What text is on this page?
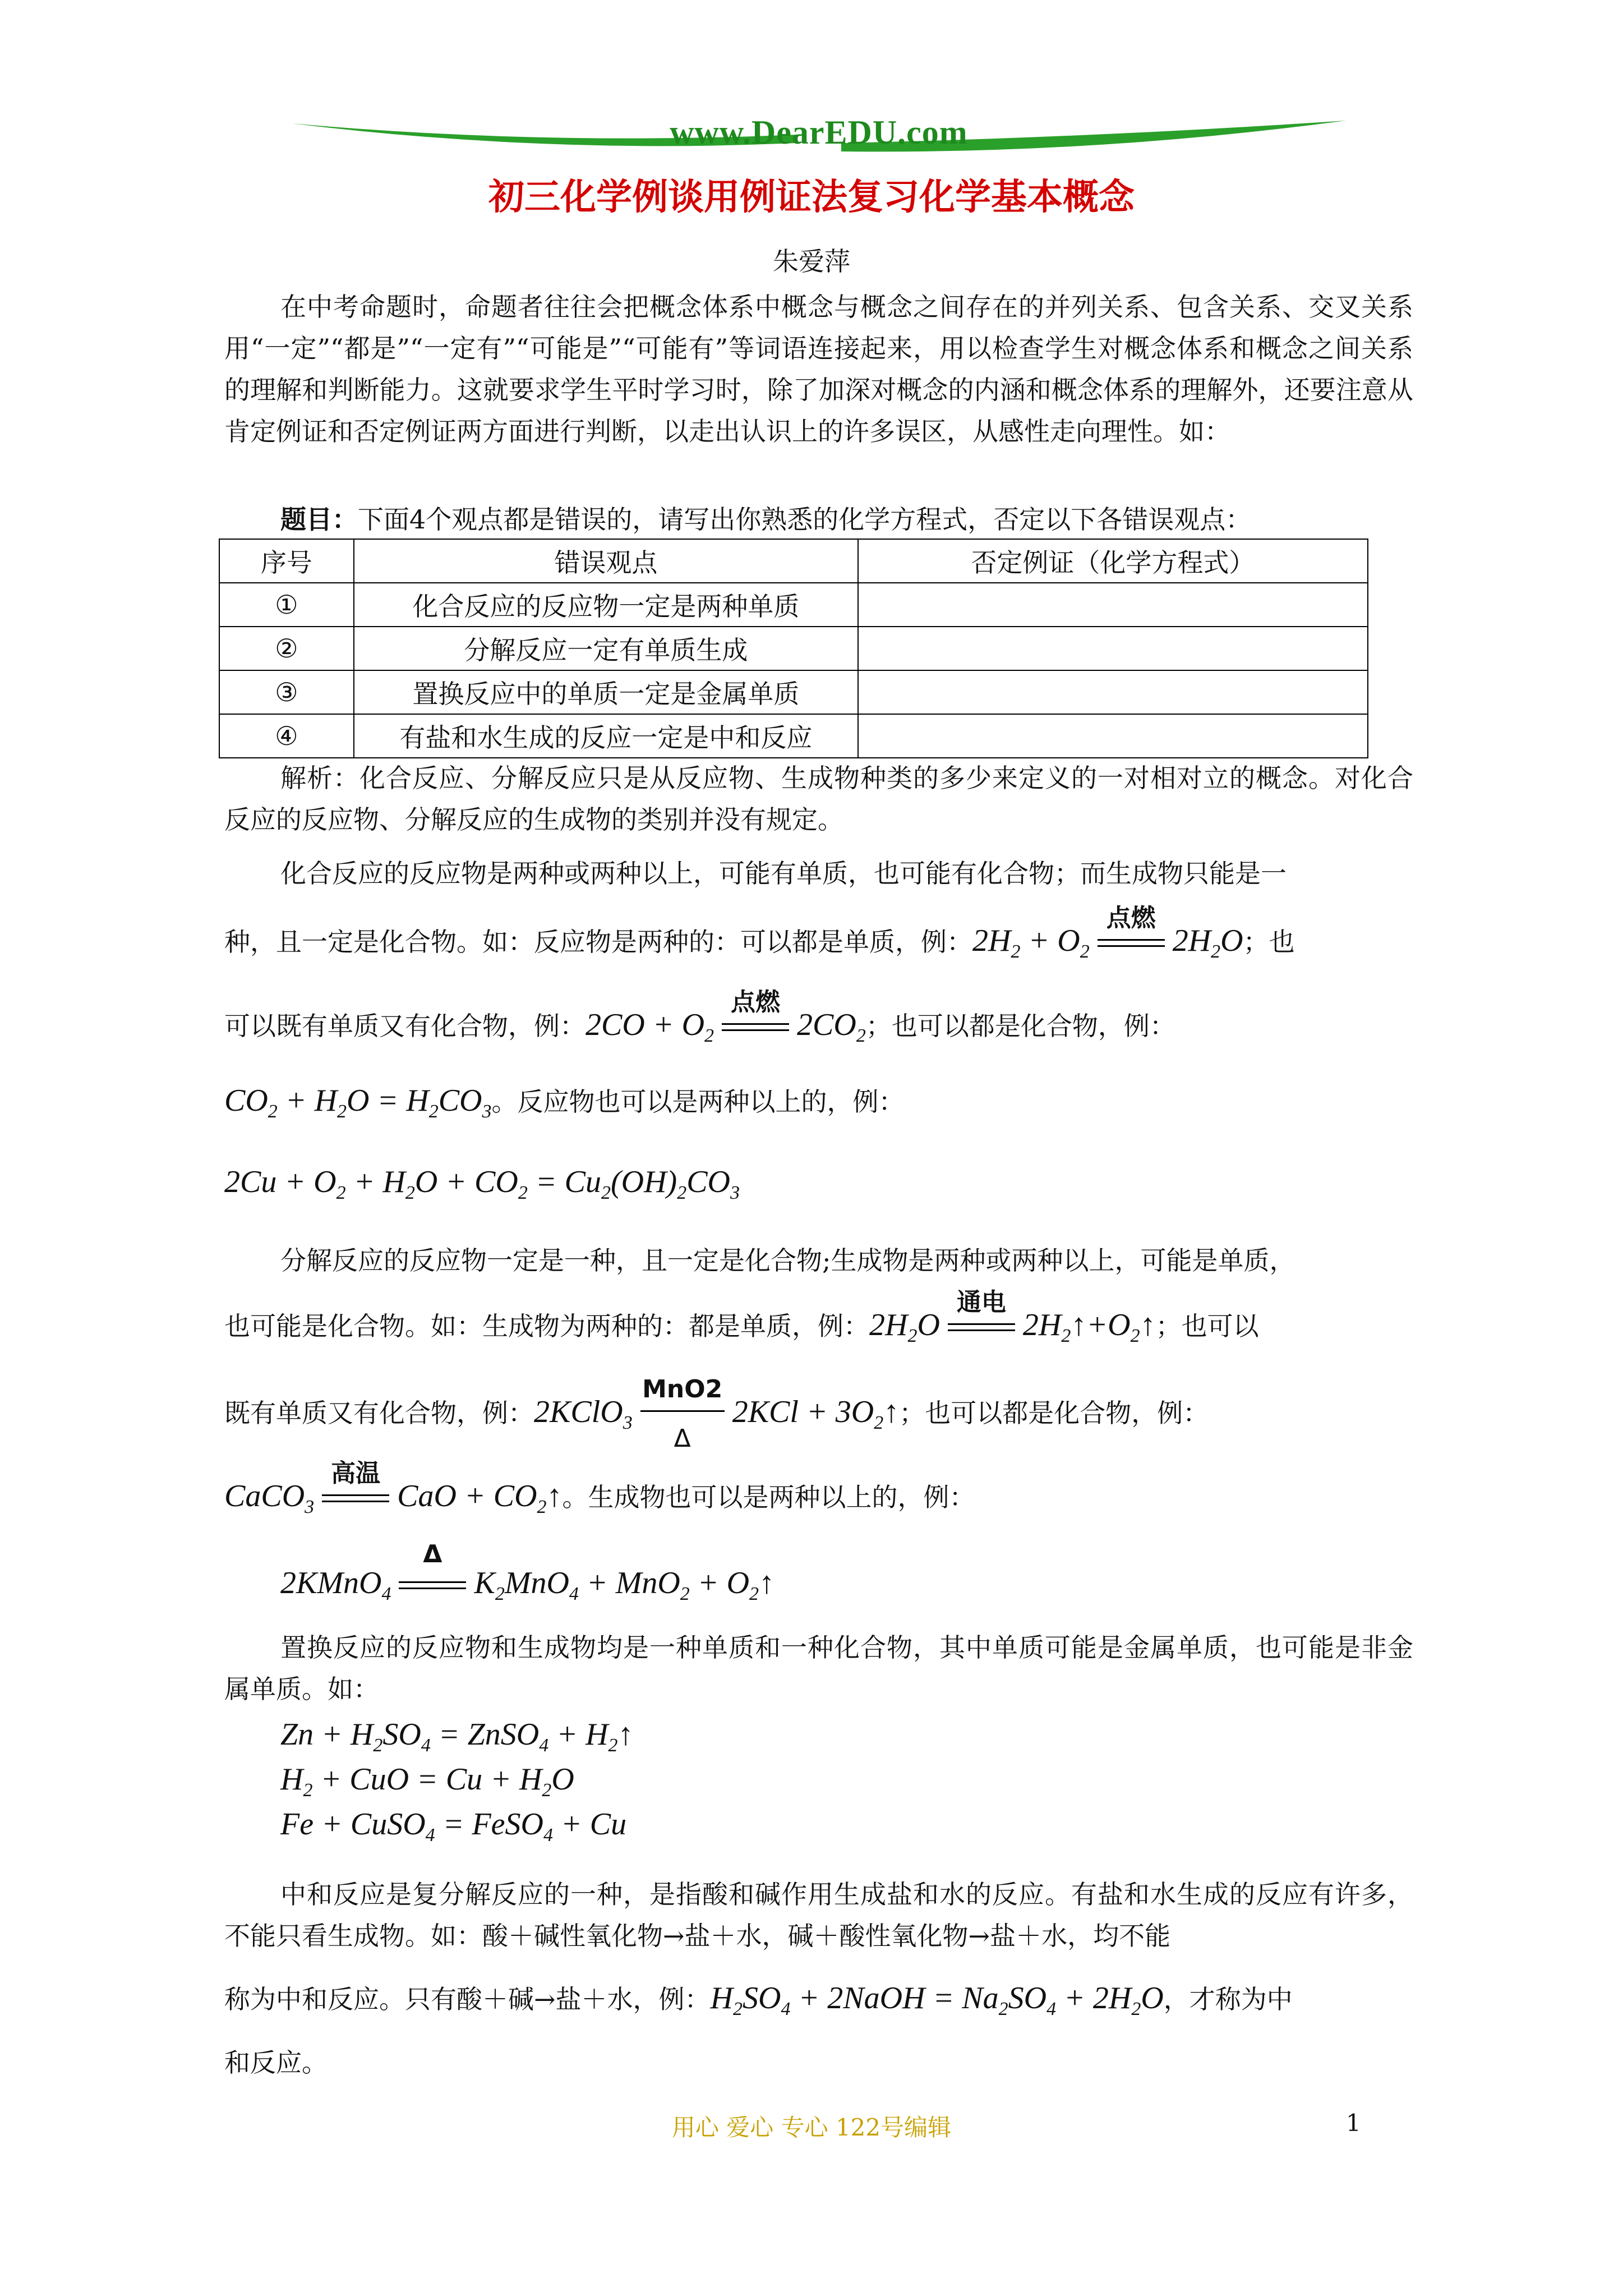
www.DearEDU.com
初三化学例谈用例证法复习化学基本概念
朱爱萍
在中考命题时，命题者往往会把概念体系中概念与概念之间存在的并列关系、包含关系、交叉关系用“一定”“都是”“一定有”“可能是”“可能有”等词语连接起来，用以检查学生对概念体系和概念之间关系的理解和判断能力。这就要求学生平时学习时，除了加深对概念的内涵和概念体系的理解外，还要注意从肯定例证和否定例证两方面进行判断，以走出认识上的许多误区，从感性走向理性。如：
题目：下面4个观点都是错误的，请写出你熟悉的化学方程式，否定以下各错误观点：
序号	错误观点	否定例证（化学方程式）
①	化合反应的反应物一定是两种单质	
②	分解反应一定有单质生成	
③	置换反应中的单质一定是金属单质	
④	有盐和水生成的反应一定是中和反应	
解析：化合反应、分解反应只是从反应物、生成物种类的多少来定义的一对相对立的概念。对化合反应的反应物、分解反应的生成物的类别并没有规定。
化合反应的反应物是两种或两种以上，可能有单质，也可能有化合物；而生成物只能是一
种，且一定是化合物。如：反应物是两种的：可以都是单质，例：$2H_2 + O_2$
点燃
$2H_2O$；也
可以既有单质又有化合物，例：$2CO + O_2$
点燃
$2CO_2$；也可以都是化合物，例：
$CO_2 + H_2O = H_2CO_3$。反应物也可以是两种以上的，例：
$2Cu + O_2 + H_2O + CO_2 = Cu_2(OH)_2CO_3$
分解反应的反应物一定是一种，且一定是化合物;生成物是两种或两种以上，可能是单质，
也可能是化合物。如：生成物为两种的：都是单质，例：$2H_2O$
通电
$2H_2↑+O_2↑$；也可以
既有单质又有化合物，例：2KClO$_3$
MnO2
Δ
$2KCl + 3O_2↑$；也可以都是化合物，例：
CaCO$_3$
高温
CaO + $CO_2↑$。生成物也可以是两种以上的，例：
2KMnO$_4$
Δ
$K_2MnO_4 + MnO_2$ + $O_2↑$
置换反应的反应物和生成物均是一种单质和一种化合物，其中单质可能是金属单质，也可能是非金属单质。如：
$Zn + H_2SO_4$ = ZnSO$_4$ + $H_2↑$
$H_2$ + CuO = $Cu + H_2O$
Fe + CuSO$_4$ = FeSO$_4$ + Cu
中和反应是复分解反应的一种，是指酸和碱作用生成盐和水的反应。有盐和水生成的反应有许多，不能只看生成物。如：酸＋碱性氧化物→盐＋水，碱＋酸性氧化物→盐＋水，均不能
称为中和反应。只有酸＋碱→盐＋水，例：$H_2SO_4$ + 2NaOH = $Na_2SO_4 + 2H_2O$，才称为中
和反应。
用心 爱心 专心 122号编辑	1
